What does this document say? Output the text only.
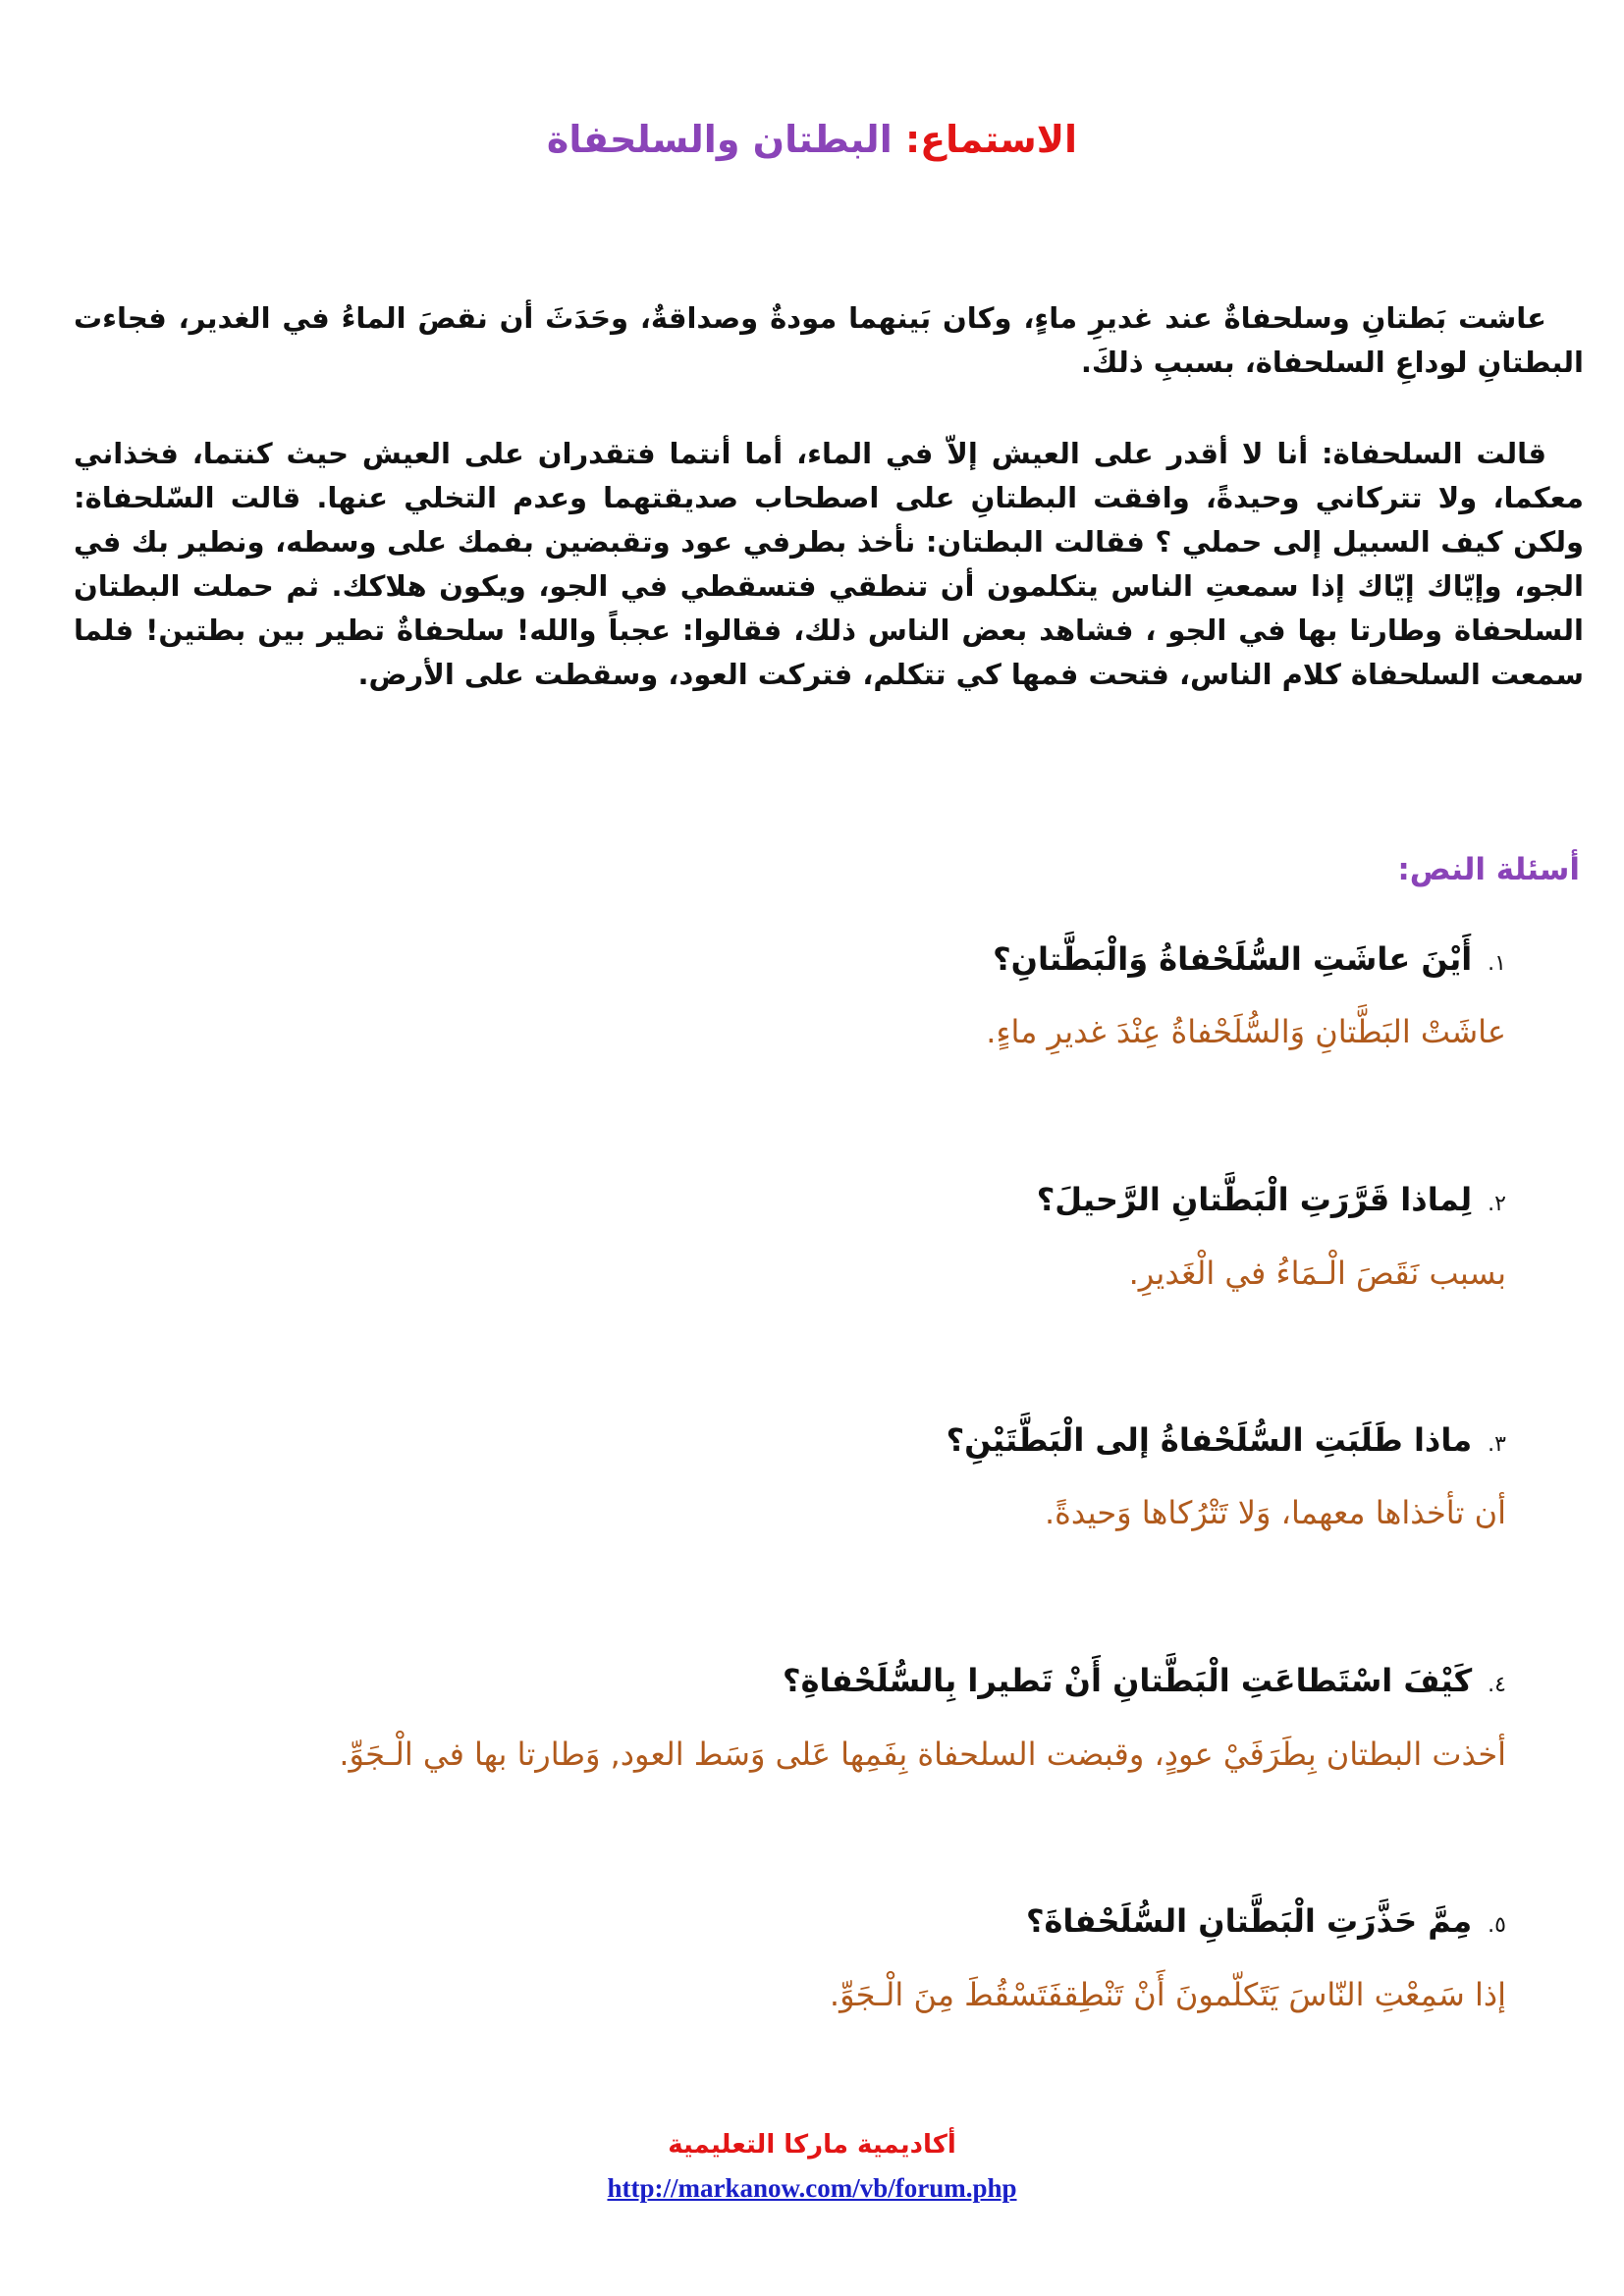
الاستماع: البطتان والسلحفاة
عاشت بَطتانِ وسلحفاةٌ عند غديرِ ماءٍ، وكان بَينهما مودةٌ وصداقةٌ، وحَدَثَ أن نقصَ الماءُ في الغدير، فجاءت البطتانِ لوداعِ السلحفاة، بسببِ ذلكَ.
قالت السلحفاة: أنا لا أقدر على العيش إلاّ في الماء، أما أنتما فتقدران على العيش حيث كنتما، فخذاني معكما، ولا تتركاني وحيدةً، وافقت البطتانِ على اصطحاب صديقتهما وعدم التخلي عنها. قالت السّلحفاة: ولكن كيف السبيل إلى حملي ؟ فقالت البطتان: نأخذ بطرفي عود وتقبضين بفمك على وسطه، ونطير بك في الجو، وإيّاك إيّاك إذا سمعتِ الناس يتكلمون أن تنطقي فتسقطي في الجو، ويكون هلاكك. ثم حملت البطتان السلحفاة وطارتا بها في الجو ، فشاهد بعض الناس ذلك، فقالوا: عجباً والله! سلحفاةٌ تطير بين بطتين! فلما سمعت السلحفاة كلام الناس، فتحت فمها كي تتكلم، فتركت العود، وسقطت على الأرض.
أسئلة النص:
١.أَيْنَ عاشَتِ السُّلَحْفاةُ وَالْبَطَّتانِ؟
عاشَتْ البَطَّتانِ وَالسُّلَحْفاةُ عِنْدَ غديرِ ماءٍ.
٢.لِماذا قَرَّرَتِ الْبَطَّتانِ الرَّحيلَ؟
بسبب نَقَصَ الْـمَاءُ في الْغَديرِ.
٣.ماذا طَلَبَتِ السُّلَحْفاةُ إلى الْبَطَّتَيْنِ؟
أن تأخذاها معهما، وَلا تَتْرُكاها وَحيدةً.
٤.كَيْفَ اسْتَطاعَتِ الْبَطَّتانِ أَنْ تَطيرا بِالسُّلَحْفاةِ؟
أخذت البطتان بِطَرَفَيْ عودٍ، وقبضت السلحفاة بِفَمِها عَلى وَسَط العود, وَطارتا بها في الْـجَوِّ.
٥.مِمَّ حَذَّرَتِ الْبَطَّتانِ السُّلَحْفاةَ؟
إذا سَمِعْتِ النّاسَ يَتَكلّمونَ أَنْ تَنْطِقفَتَسْقُطَ مِنَ الْـجَوِّ.
أكاديمية ماركا التعليمية
http://markanow.com/vb/forum.php
